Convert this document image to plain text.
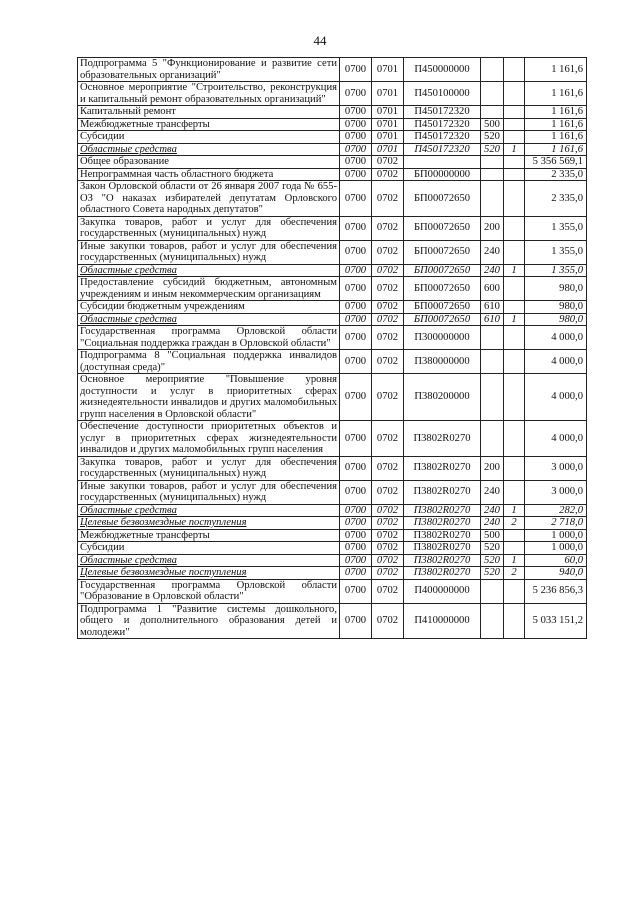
44
Подпрограмма 5 "Функционирование и развитие сети образовательных организаций"	0700	0701	П450000000			1 161,6
Основное мероприятие "Строительство, реконструкция и капитальный ремонт образовательных организаций"	0700	0701	П450100000			1 161,6
Капитальный ремонт	0700	0701	П450172320			1 161,6
Межбюджетные трансферты	0700	0701	П450172320	500		1 161,6
Субсидии	0700	0701	П450172320	520		1 161,6
Областные средства	0700	0701	П450172320	520	1	1 161,6
Общее образование	0700	0702				5 356 569,1
Непрограммная часть областного бюджета	0700	0702	БП00000000			2 335,0
Закон Орловской области от 26 января 2007 года № 655-ОЗ "О наказах избирателей депутатам Орловского областного Совета народных депутатов"	0700	0702	БП00072650			2 335,0
Закупка товаров, работ и услуг для обеспечения государственных (муниципальных) нужд	0700	0702	БП00072650	200		1 355,0
Иные закупки товаров, работ и услуг для обеспечения государственных (муниципальных) нужд	0700	0702	БП00072650	240		1 355,0
Областные средства	0700	0702	БП00072650	240	1	1 355,0
Предоставление субсидий бюджетным, автономным учреждениям и иным некоммерческим организациям	0700	0702	БП00072650	600		980,0
Субсидии бюджетным учреждениям	0700	0702	БП00072650	610		980,0
Областные средства	0700	0702	БП00072650	610	1	980,0
Государственная программа Орловской области "Социальная поддержка граждан в Орловской области"	0700	0702	П300000000			4 000,0
Подпрограмма 8 "Социальная поддержка инвалидов (доступная среда)"	0700	0702	П380000000			4 000,0
Основное мероприятие "Повышение уровня доступности и услуг в приоритетных сферах жизнедеятельности инвалидов и других маломобильных групп населения в Орловской области"	0700	0702	П380200000			4 000,0
Обеспечение доступности приоритетных объектов и услуг в приоритетных сферах жизнедеятельности инвалидов и других маломобильных групп населения	0700	0702	П3802R0270			4 000,0
Закупка товаров, работ и услуг для обеспечения государственных (муниципальных) нужд	0700	0702	П3802R0270	200		3 000,0
Иные закупки товаров, работ и услуг для обеспечения государственных (муниципальных) нужд	0700	0702	П3802R0270	240		3 000,0
Областные средства	0700	0702	П3802R0270	240	1	282,0
Целевые безвозмездные поступления	0700	0702	П3802R0270	240	2	2 718,0
Межбюджетные трансферты	0700	0702	П3802R0270	500		1 000,0
Субсидии	0700	0702	П3802R0270	520		1 000,0
Областные средства	0700	0702	П3802R0270	520	1	60,0
Целевые безвозмездные поступления	0700	0702	П3802R0270	520	2	940,0
Государственная программа Орловской области "Образование в Орловской области"	0700	0702	П400000000			5 236 856,3
Подпрограмма 1 "Развитие системы дошкольного, общего и дополнительного образования детей и молодежи"	0700	0702	П410000000			5 033 151,2
